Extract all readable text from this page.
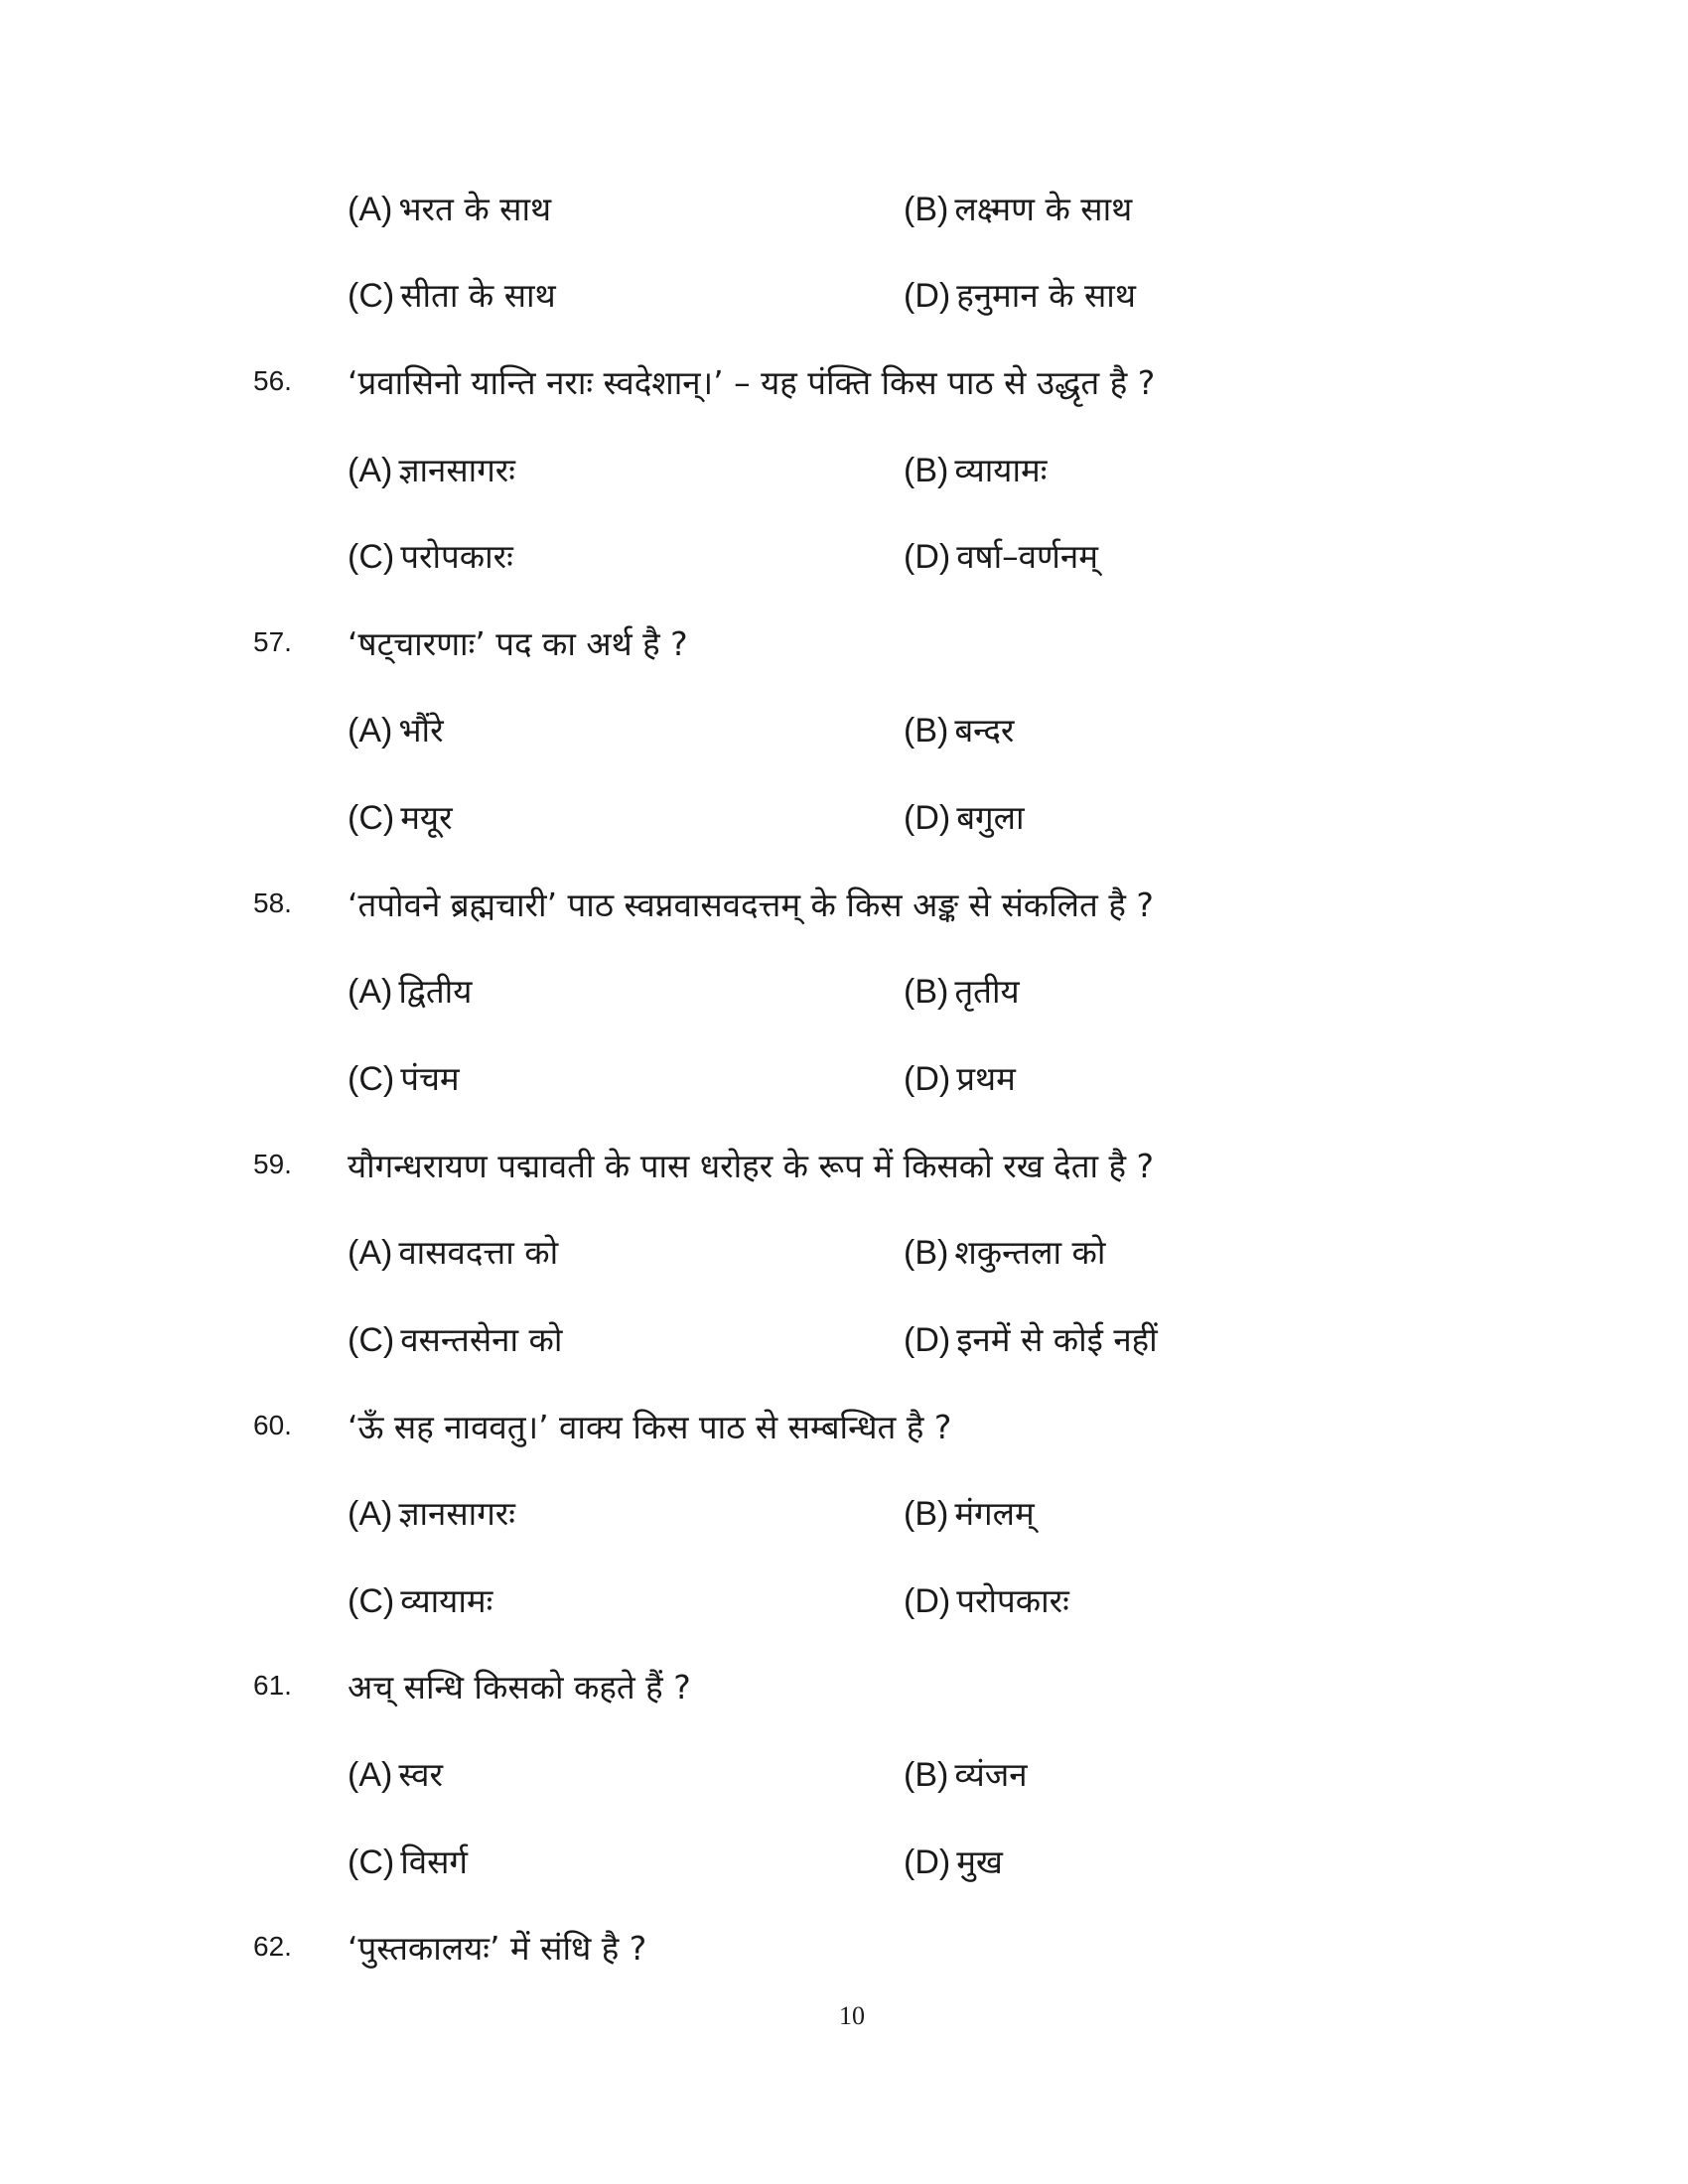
(A) भरत के साथ	(B) लक्ष्मण के साथ
(C) सीता के साथ	(D) हनुमान के साथ
56. ‘प्रवासिनो यान्ति नराः स्वदेशान्।’ – यह पंक्ति किस पाठ से उद्धृत है ?
(A) ज्ञानसागरः	(B) व्यायामः
(C) परोपकारः	(D) वर्षा–वर्णनम्
57. ‘षट्चारणाः’ पद का अर्थ है ?
(A) भौंरे	(B) बन्दर
(C) मयूर	(D) बगुला
58. ‘तपोवने ब्रह्मचारी’ पाठ स्वप्नवासवदत्तम् के किस अङ्क से संकलित है ?
(A) द्वितीय	(B) तृतीय
(C) पंचम	(D) प्रथम
59. यौगन्धरायण पद्मावती के पास धरोहर के रूप में किसको रख देता है ?
(A) वासवदत्ता को	(B) शकुन्तला को
(C) वसन्तसेना को	(D) इनमें से कोई नहीं
60. ‘ऊँ सह नाववतु।’ वाक्य किस पाठ से सम्बन्धित है ?
(A) ज्ञानसागरः	(B) मंगलम्
(C) व्यायामः	(D) परोपकारः
61. अच् सन्धि किसको कहते हैं ?
(A) स्वर	(B) व्यंजन
(C) विसर्ग	(D) मुख
62. ‘पुस्तकालयः’ में संधि है ?
10
